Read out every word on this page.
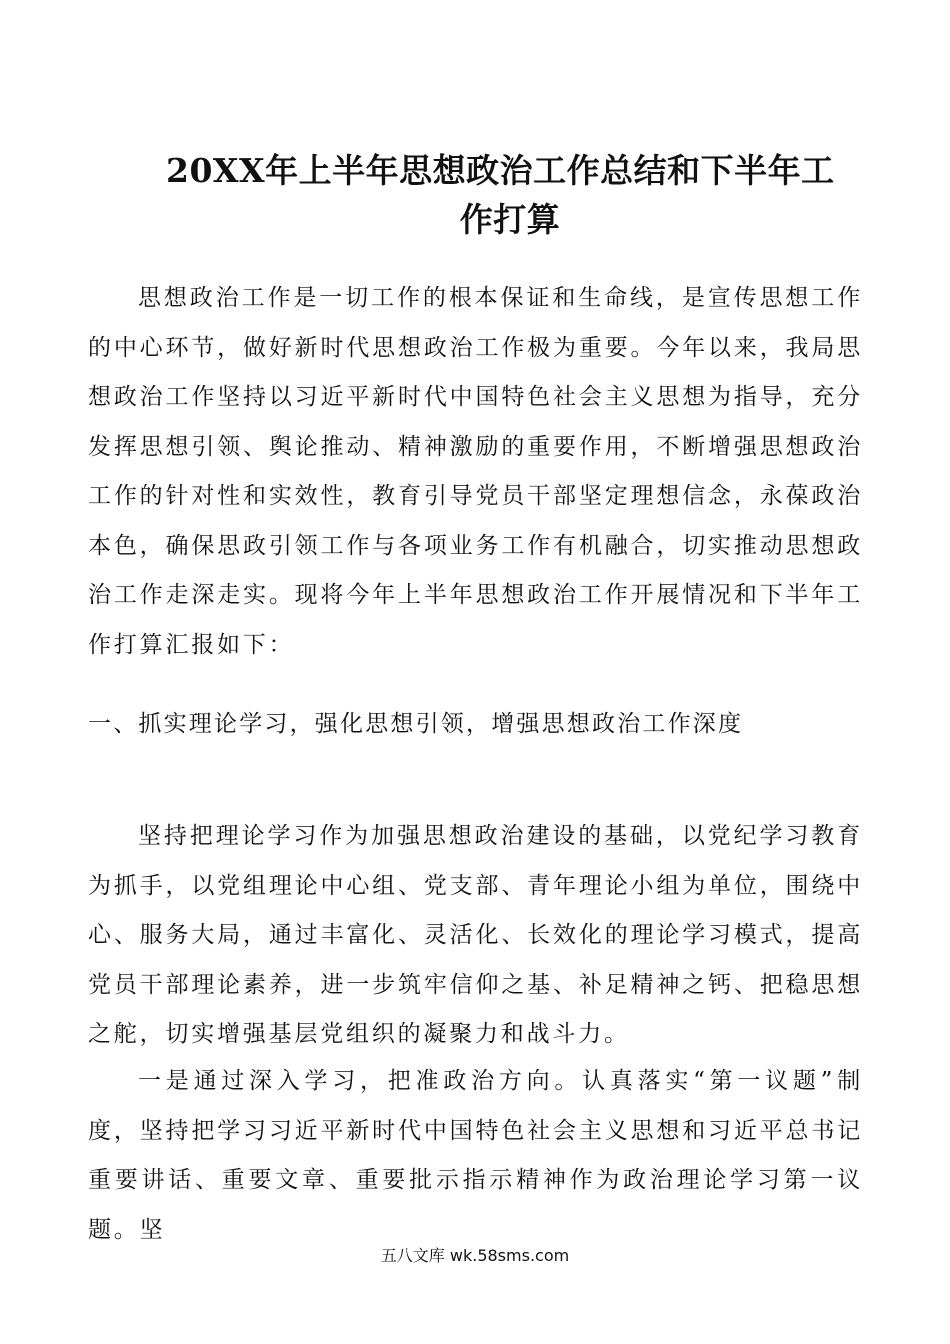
20XX年上半年思想政治工作总结和下半年工
作打算

思想政治工作是一切工作的根本保证和生命线，是宣传思想工作的中心环节，做好新时代思想政治工作极为重要。今年以来，我局思想政治工作坚持以习近平新时代中国特色社会主义思想为指导，充分发挥思想引领、舆论推动、精神激励的重要作用，不断增强思想政治工作的针对性和实效性，教育引导党员干部坚定理想信念，永葆政治本色，确保思政引领工作与各项业务工作有机融合，切实推动思想政治工作走深走实。现将今年上半年思想政治工作开展情况和下半年工作打算汇报如下：

一、抓实理论学习，强化思想引领，增强思想政治工作深度

坚持把理论学习作为加强思想政治建设的基础，以党纪学习教育为抓手，以党组理论中心组、党支部、青年理论小组为单位，围绕中心、服务大局，通过丰富化、灵活化、长效化的理论学习模式，提高党员干部理论素养，进一步筑牢信仰之基、补足精神之钙、把稳思想之舵，切实增强基层党组织的凝聚力和战斗力。

一是通过深入学习，把准政治方向。认真落实“第一议题”制度，坚持把学习习近平新时代中国特色社会主义思想和习近平总书记重要讲话、重要文章、重要批示指示精神作为政治理论学习第一议题。坚

五八文库 wk.58sms.com
